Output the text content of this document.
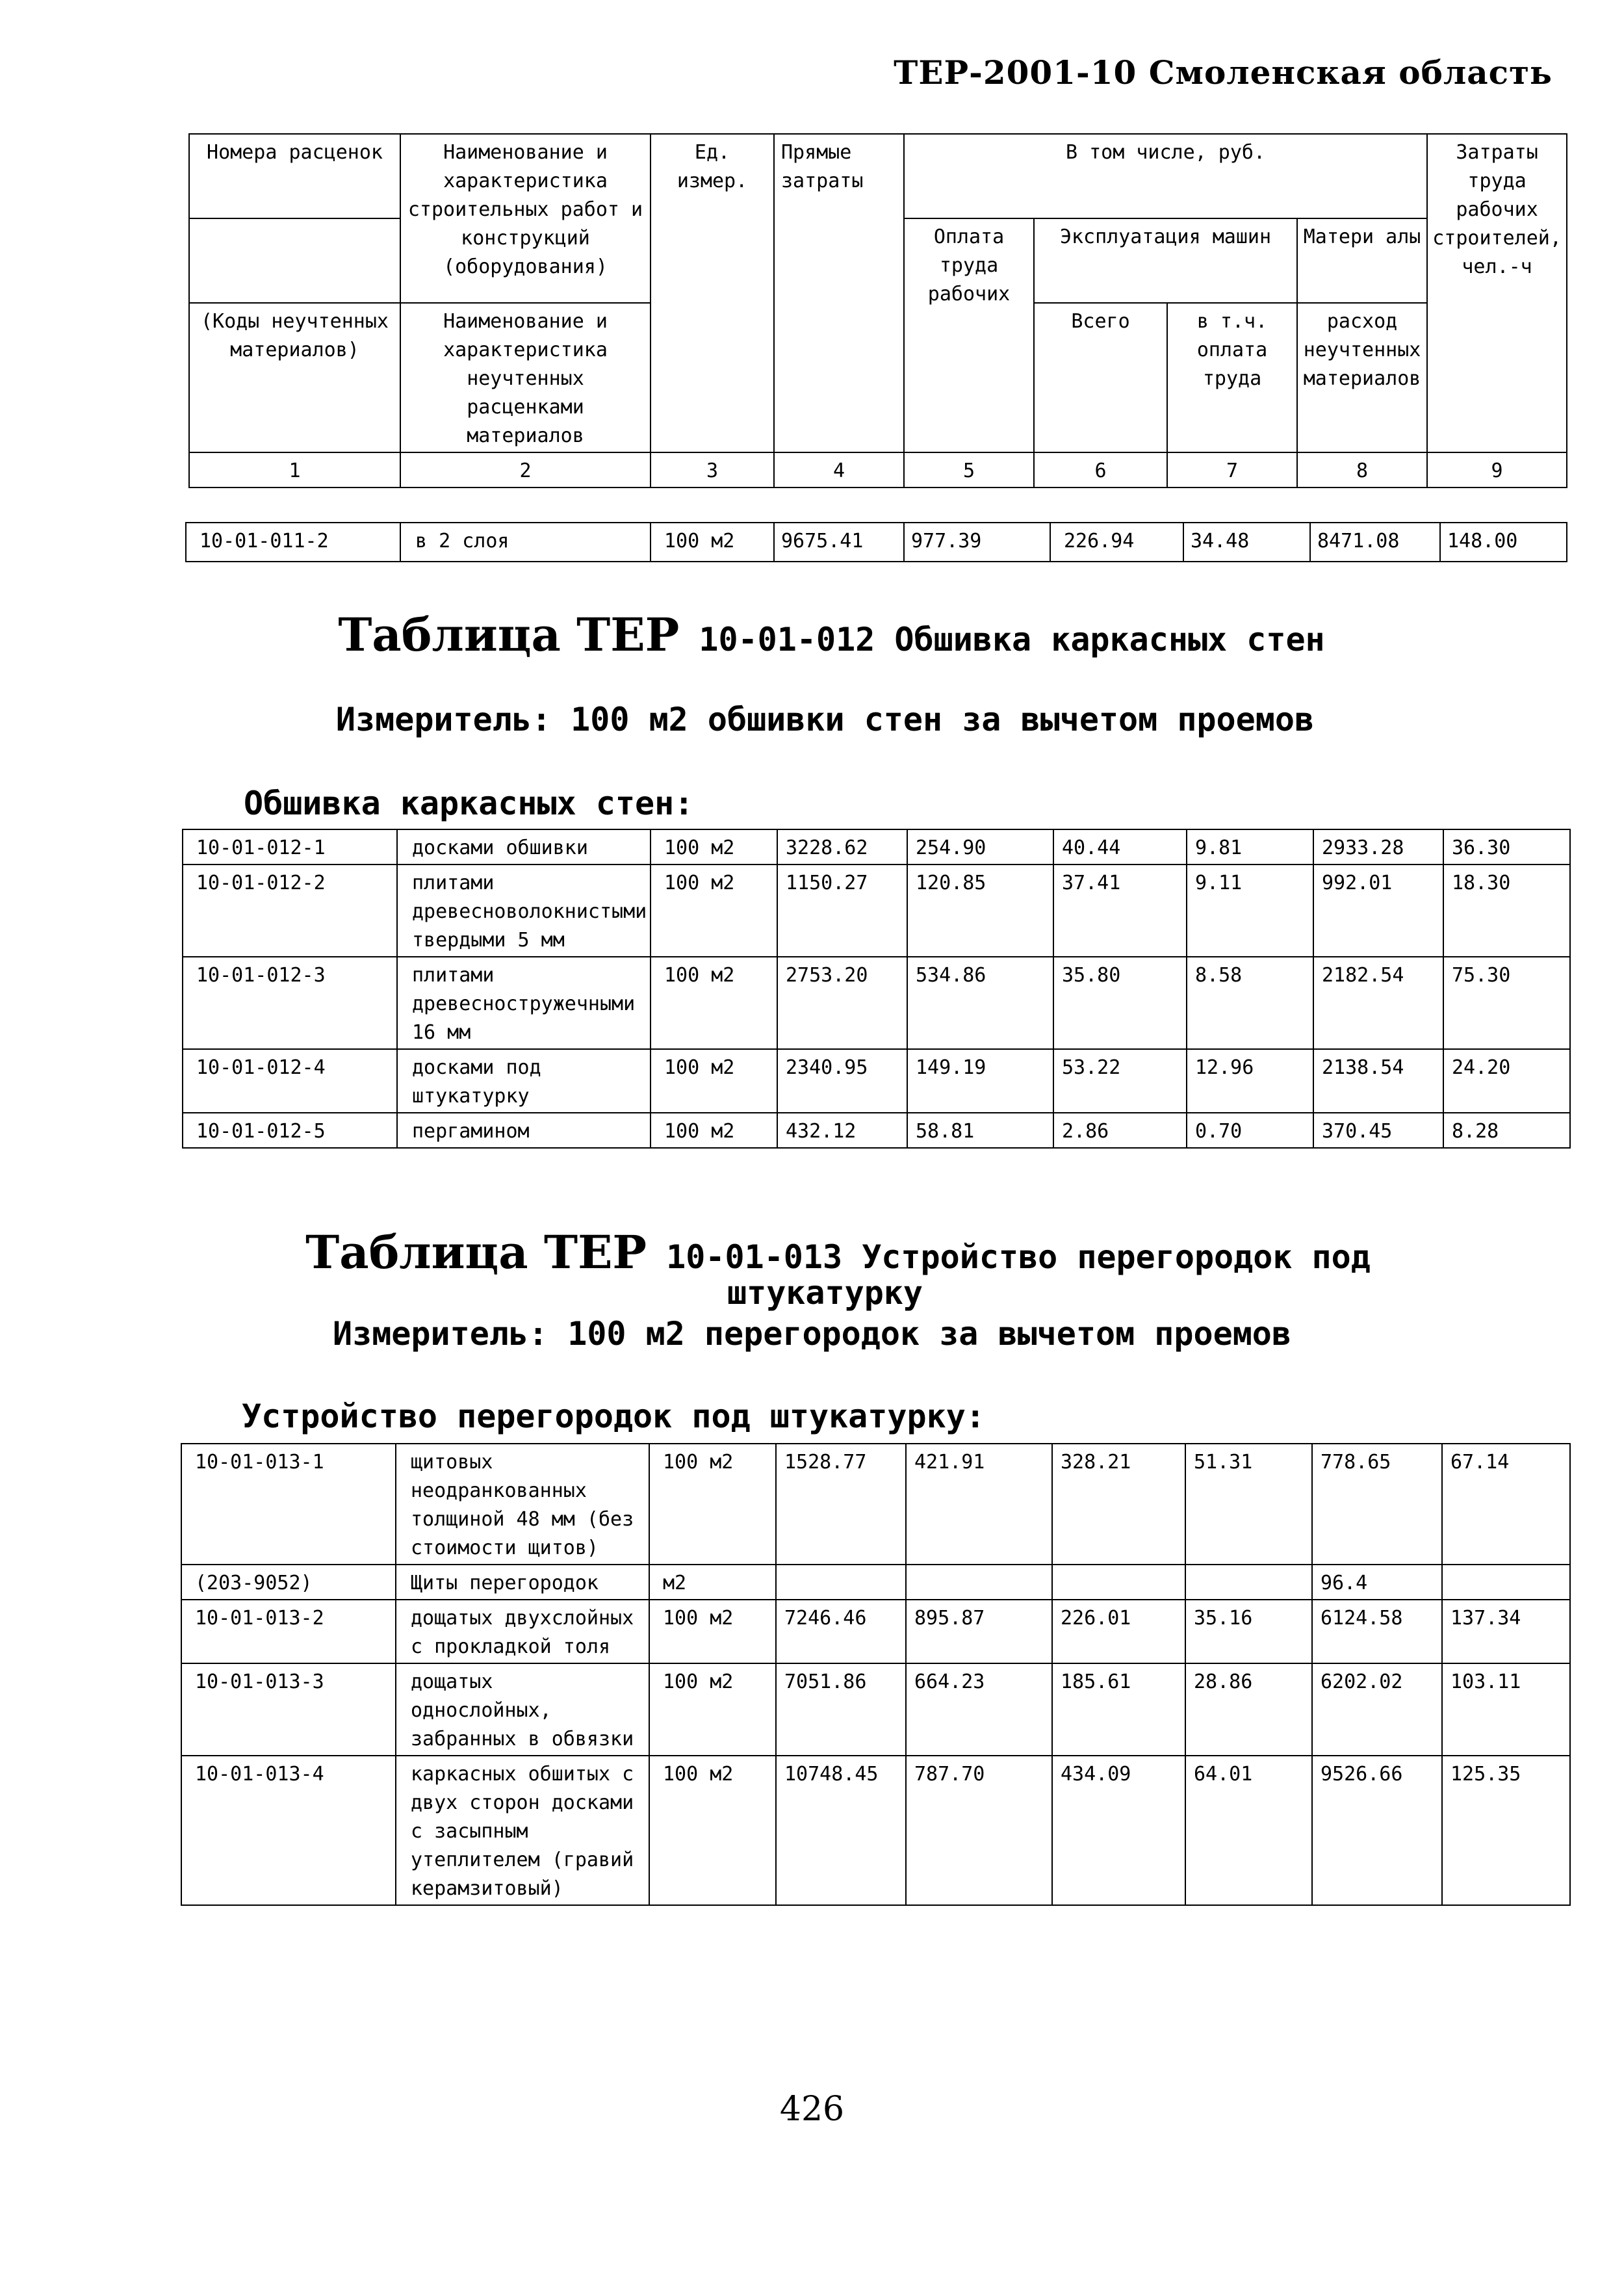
ТЕР-2001-10 Смоленская область
Номера расценок	Наименование и характеристика строительных работ и конструкций (оборудования)	Ед. измер.	Прямые затраты	В том числе, руб.				Затраты труда рабочих строителей, чел.-ч
				Оплата труда рабочих	Эксплуатация машин		Матери алы	
(Коды неучтенных материалов)	Наименование и характеристика неучтенных расценками материалов				Всего	в т.ч. оплата труда	расход неучтенных материалов	
1	2	3	4	5	6	7	8	9
10-01-011-2	в 2 слоя	100 м2	9675.41	977.39	226.94	34.48	8471.08	148.00
Таблица ТЕР 10-01-012 Обшивка каркасных стен
Измеритель: 100 м2 обшивки стен за вычетом проемов
Обшивка каркасных стен:
10-01-012-1	досками обшивки	100 м2	3228.62	254.90	40.44	9.81	2933.28	36.30
10-01-012-2	плитами древесноволокнистыми твердыми 5 мм	100 м2	1150.27	120.85	37.41	9.11	992.01	18.30
10-01-012-3	плитами древесностружечными 16 мм	100 м2	2753.20	534.86	35.80	8.58	2182.54	75.30
10-01-012-4	досками под штукатурку	100 м2	2340.95	149.19	53.22	12.96	2138.54	24.20
10-01-012-5	пергамином	100 м2	432.12	58.81	2.86	0.70	370.45	8.28
Таблица ТЕР 10-01-013 Устройство перегородок под
штукатурку
Измеритель: 100 м2 перегородок за вычетом проемов
Устройство перегородок под штукатурку:
10-01-013-1	щитовых неодранкованных толщиной 48 мм (без стоимости щитов)	100 м2	1528.77	421.91	328.21	51.31	778.65	67.14
(203-9052)	Щиты перегородок	м2					96.4	
10-01-013-2	дощатых двухслойных с прокладкой толя	100 м2	7246.46	895.87	226.01	35.16	6124.58	137.34
10-01-013-3	дощатых однослойных, забранных в обвязки	100 м2	7051.86	664.23	185.61	28.86	6202.02	103.11
10-01-013-4	каркасных обшитых с двух сторон досками с засыпным утеплителем (гравий керамзитовый)	100 м2	10748.45	787.70	434.09	64.01	9526.66	125.35
426
